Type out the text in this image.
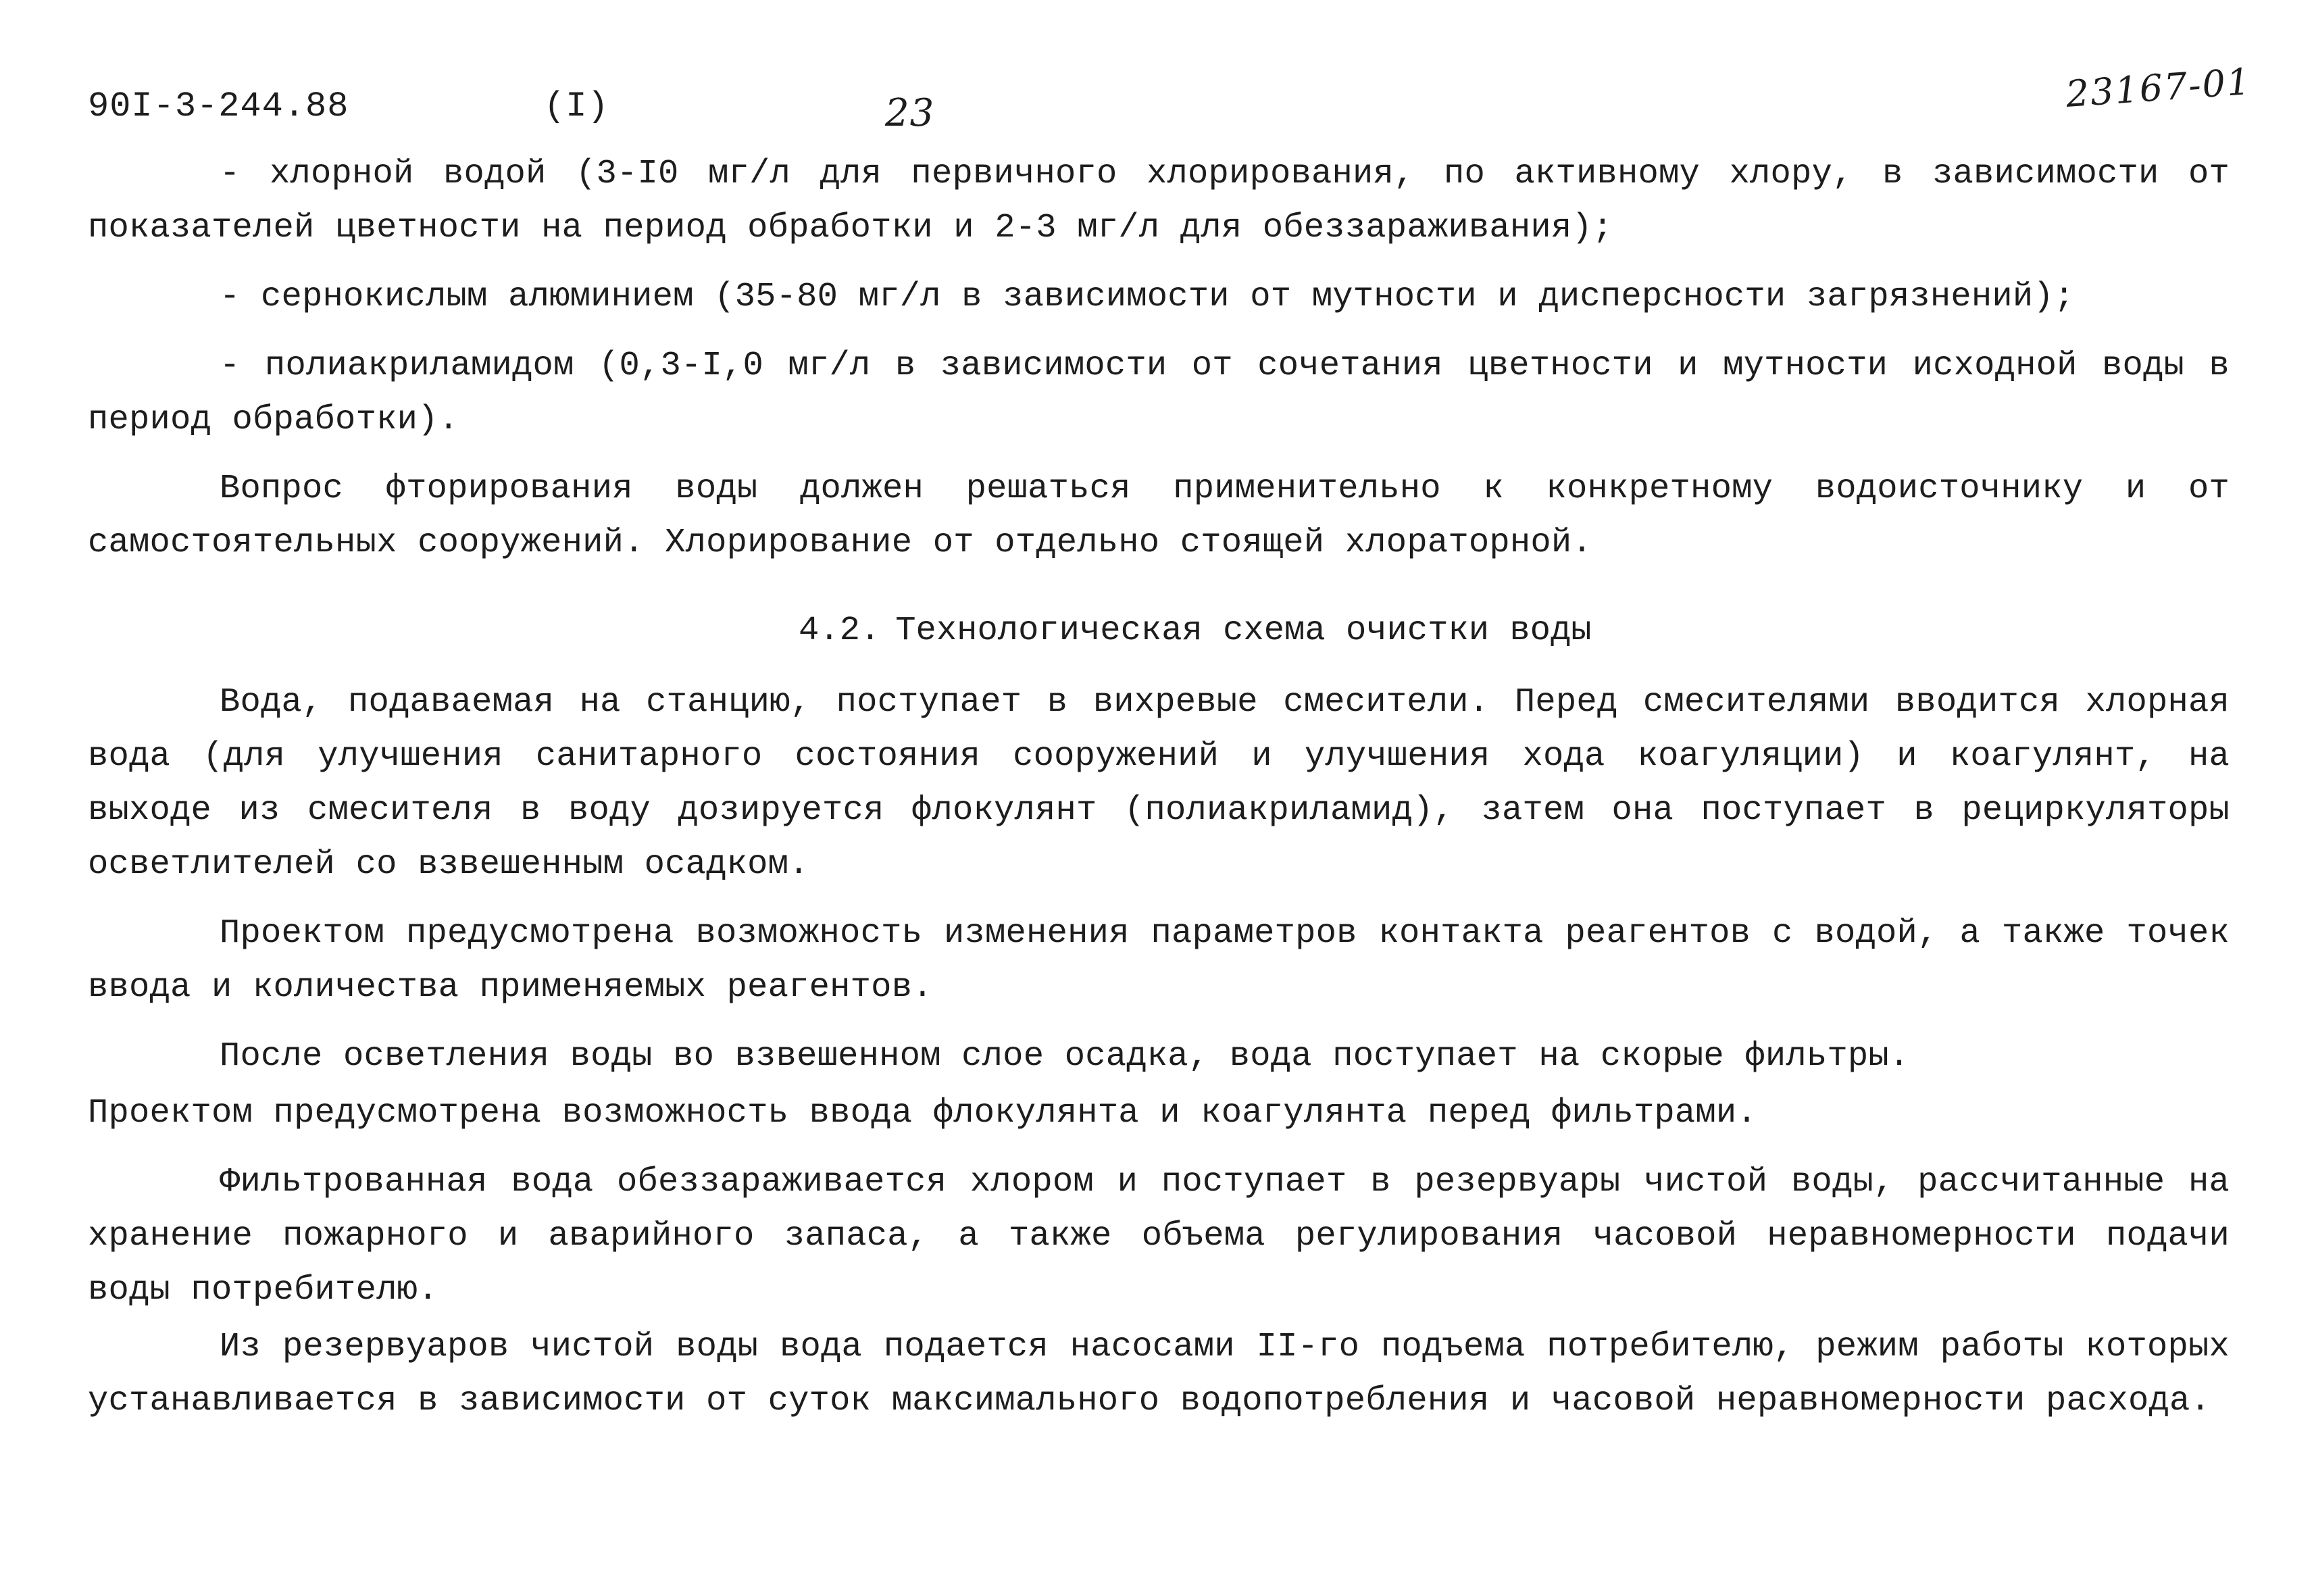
90I-3-244.88	(I)	23	23167-01

- хлорной водой (3-I0 мг/л для первичного хлорирования, по активному хлору, в зависимости от показателей цветности на период обработки и 2-3 мг/л для обеззараживания);

- сернокислым алюминием (35-80 мг/л в зависимости от мутности и дисперсности загрязнений);

- полиакриламидом (0,3-I,0 мг/л в зависимости от сочетания цветности и мутности исходной воды в период обработки).

Вопрос фторирования воды должен решаться применительно к конкретному водоисточнику и от самостоятельных сооружений. Хлорирование от отдельно стоящей хлораторной.

4.2. Технологическая схема очистки воды

Вода, подаваемая на станцию, поступает в вихревые смесители. Перед смесителями вводится хлорная вода (для улучшения санитарного состояния сооружений и улучшения хода коагуляции) и коагулянт, на выходе из смесителя в воду дозируется флокулянт (полиакриламид), затем она поступает в рециркуляторы осветлителей со взвешенным осадком.

Проектом предусмотрена возможность изменения параметров контакта реагентов с водой, а также точек ввода и количества применяемых реагентов.

После осветления воды во взвешенном слое осадка, вода поступает на скорые фильтры.

Проектом предусмотрена возможность ввода флокулянта и коагулянта перед фильтрами.

Фильтрованная вода обеззараживается хлором и поступает в резервуары чистой воды, рассчитанные на хранение пожарного и аварийного запаса, а также объема регулирования часовой неравномерности подачи воды потребителю.

Из резервуаров чистой воды вода подается насосами II-го подъема потребителю, режим работы которых устанавливается в зависимости от суток максимального водопотребления и часовой неравномерности расхода.
